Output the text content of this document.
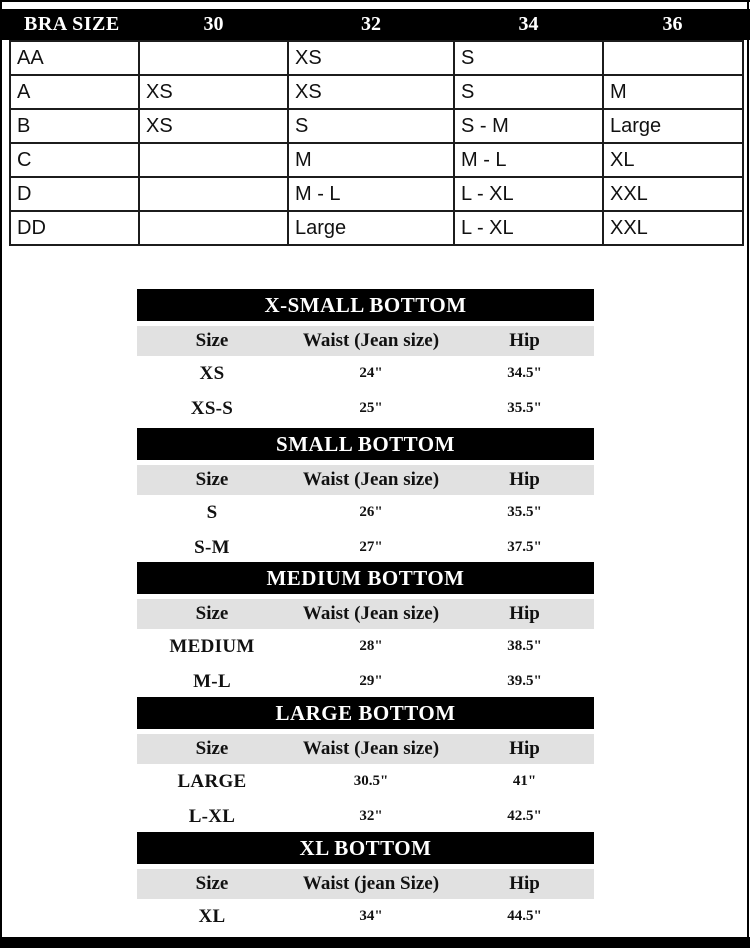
BRA SIZE	30	32	34	36
AA		XS	S	
A	XS	XS	S	M
B	XS	S	S - M	Large
C		M	M - L	XL
D		M - L	L - XL	XXL
DD		Large	L - XL	XXL
X-SMALL BOTTOM
Size	Waist (Jean size)	Hip
XS	24"	34.5"
XS-S	25"	35.5"
SMALL BOTTOM
Size	Waist (Jean size)	Hip
S	26"	35.5"
S-M	27"	37.5"
MEDIUM BOTTOM
Size	Waist (Jean size)	Hip
MEDIUM	28"	38.5"
M-L	29"	39.5"
LARGE BOTTOM
Size	Waist (Jean size)	Hip
LARGE	30.5"	41"
L-XL	32"	42.5"
XL BOTTOM
Size	Waist (jean Size)	Hip
XL	34"	44.5"
